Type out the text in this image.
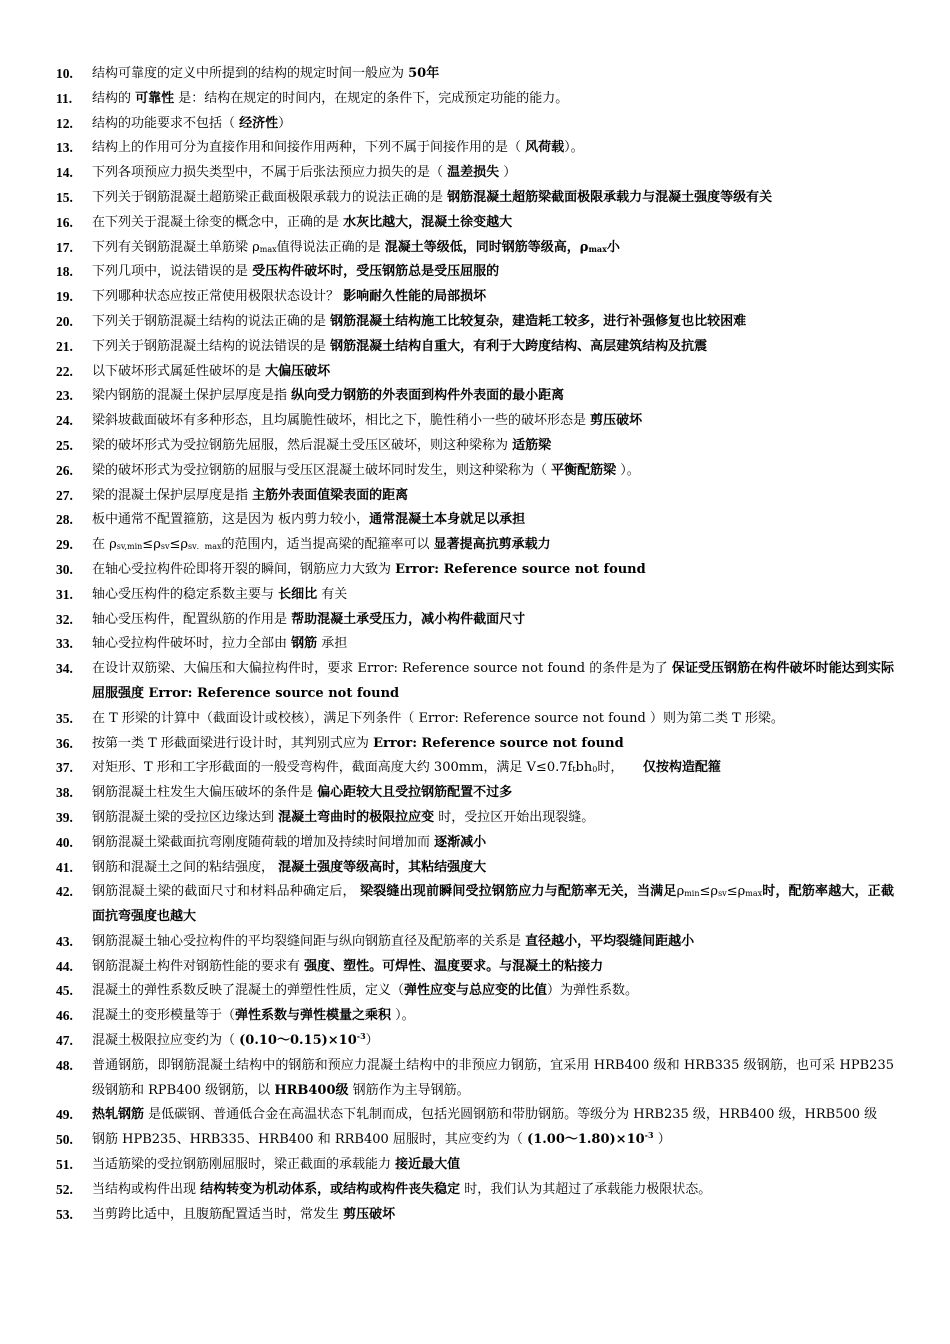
10.	结构可靠度的定义中所提到的结构的规定时间一般应为 50年
11.	结构的 可靠性 是：结构在规定的时间内，在规定的条件下，完成预定功能的能力。
12.	结构的功能要求不包括（ 经济性）
13.	结构上的作用可分为直接作用和间接作用两种，下列不属于间接作用的是（ 风荷载）。
14.	下列各项预应力损失类型中，不属于后张法预应力损失的是（ 温差损失 ）
15.	下列关于钢筋混凝土超筋梁正截面极限承载力的说法正确的是 钢筋混凝土超筋梁截面极限承载力与混凝土强度等级有关
16.	在下列关于混凝土徐变的概念中，正确的是 水灰比越大，混凝土徐变越大
17.	下列有关钢筋混凝土单筋梁 $\rho_{max}$值得说法正确的是 混凝土等级低，同时钢筋等级高，$\rho_{max}$小
18.	下列几项中，说法错误的是 受压构件破坏时，受压钢筋总是受压屈服的
19.	下列哪种状态应按正常使用极限状态设计？ 影响耐久性能的局部损坏
20.	下列关于钢筋混凝土结构的说法正确的是 钢筋混凝土结构施工比较复杂，建造耗工较多，进行补强修复也比较困难
21.	下列关于钢筋混凝土结构的说法错误的是 钢筋混凝土结构自重大，有利于大跨度结构、高层建筑结构及抗震
22.	以下破坏形式属延性破坏的是 大偏压破坏
23.	梁内钢筋的混凝土保护层厚度是指 纵向受力钢筋的外表面到构件外表面的最小距离
24.	梁斜坡截面破坏有多种形态，且均属脆性破坏，相比之下，脆性稍小一些的破坏形态是 剪压破坏
25.	梁的破坏形式为受拉钢筋先屈服，然后混凝土受压区破坏，则这种梁称为 适筋梁
26.	梁的破坏形式为受拉钢筋的屈服与受压区混凝土破坏同时发生，则这种梁称为（ 平衡配筋梁 ）。
27.	梁的混凝土保护层厚度是指 主筋外表面值梁表面的距离
28.	板中通常不配置箍筋，这是因为 板内剪力较小，通常混凝土本身就足以承担
29.	在 $\rho_{sv,min}\le\rho_{sv}\le\rho_{sv.max}$的范围内，适当提高梁的配箍率可以 显著提高抗剪承载力
30.	在轴心受拉构件砼即将开裂的瞬间，钢筋应力大致为 Error: Reference source not found
31.	轴心受压构件的稳定系数主要与 长细比 有关
32.	轴心受压构件，配置纵筋的作用是 帮助混凝土承受压力，减小构件截面尺寸
33.	轴心受拉构件破坏时，拉力全部由 钢筋 承担
34.	在设计双筋梁、大偏压和大偏拉构件时，要求 Error: Reference source not found 的条件是为了 保证受压钢筋在构件破坏时能达到实际屈服强度 Error: Reference source not found
35.	在 T 形梁的计算中（截面设计或校核），满足下列条件（ Error: Reference source not found ）则为第二类 T 形梁。
36.	按第一类 T 形截面梁进行设计时，其判别式应为 Error: Reference source not found
37.	对矩形、T 形和工字形截面的一般受弯构件，截面高度大约 300mm，满足 $V\le 0.7f_tbh_0$时，　　仅按构造配箍
38.	钢筋混凝土柱发生大偏压破坏的条件是 偏心距较大且受拉钢筋配置不过多
39.	钢筋混凝土梁的受拉区边缘达到 混凝土弯曲时的极限拉应变 时，受拉区开始出现裂缝。
40.	钢筋混凝土梁截面抗弯刚度随荷载的增加及持续时间增加而 逐渐减小
41.	钢筋和混凝土之间的粘结强度， 混凝土强度等级高时，其粘结强度大
42.	钢筋混凝土梁的截面尺寸和材料品种确定后， 梁裂缝出现前瞬间受拉钢筋应力与配筋率无关，当满足$\rho_{min}\le\rho_{sv}\le\rho_{max}$时，配筋率越大，正截面抗弯强度也越大
43.	钢筋混凝土轴心受拉构件的平均裂缝间距与纵向钢筋直径及配筋率的关系是 直径越小，平均裂缝间距越小
44.	钢筋混凝土构件对钢筋性能的要求有 强度、塑性。可焊性、温度要求。与混凝土的粘接力
45.	混凝土的弹性系数反映了混凝土的弹塑性性质，定义（弹性应变与总应变的比值）为弹性系数。
46.	混凝土的变形模量等于（弹性系数与弹性模量之乘积 ）。
47.	混凝土极限拉应变约为（ $(0.10\sim 0.15)\times 10^{-3}$）
48.	普通钢筋，即钢筋混凝土结构中的钢筋和预应力混凝土结构中的非预应力钢筋，宜采用 HRB400 级和 HRB335 级钢筋，也可采 HPB235 级钢筋和 RPB400 级钢筋，以 HRB400级 钢筋作为主导钢筋。
49.	热轧钢筋 是低碳钢、普通低合金在高温状态下轧制而成，包括光圆钢筋和带肋钢筋。等级分为 HRB235 级，HRB400 级，HRB500 级
50.	钢筋 HPB235、HRB335、HRB400 和 RRB400 屈服时，其应变约为（ $(1.00\sim 1.80)\times 10^{-3}$ ）
51.	当适筋梁的受拉钢筋刚屈服时，梁正截面的承载能力 接近最大值
52.	当结构或构件出现 结构转变为机动体系，或结构或构件丧失稳定 时，我们认为其超过了承载能力极限状态。
53.	当剪跨比适中，且腹筋配置适当时，常发生 剪压破坏
